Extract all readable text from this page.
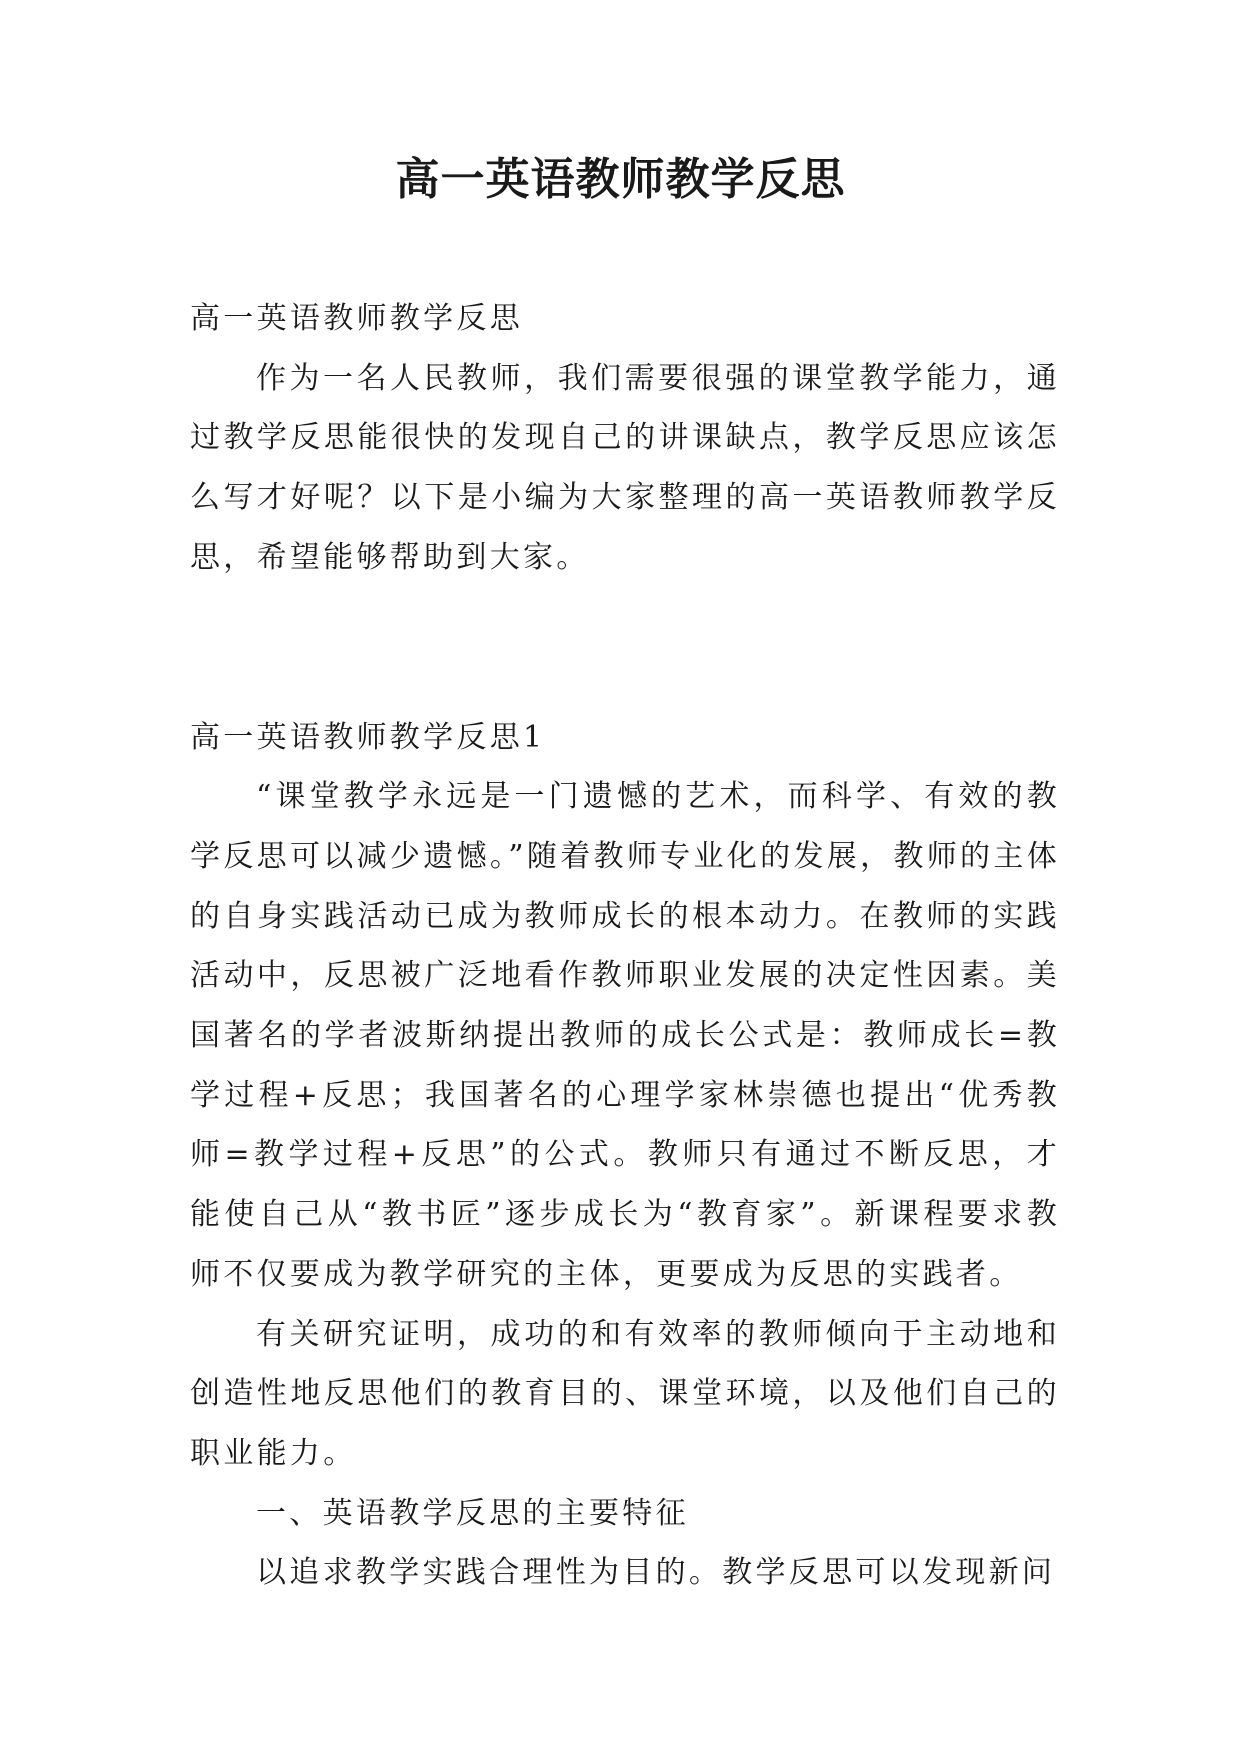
高一英语教师教学反思

高一英语教师教学反思

作为一名人民教师，我们需要很强的课堂教学能力，通过教学反思能很快的发现自己的讲课缺点，教学反思应该怎么写才好呢？以下是小编为大家整理的高一英语教师教学反思，希望能够帮助到大家。

高一英语教师教学反思1

“课堂教学永远是一门遗憾的艺术，而科学、有效的教学反思可以减少遗憾。”随着教师专业化的发展，教师的主体的自身实践活动已成为教师成长的根本动力。在教师的实践活动中，反思被广泛地看作教师职业发展的决定性因素。美国著名的学者波斯纳提出教师的成长公式是：教师成长=教学过程+反思；我国著名的心理学家林崇德也提出“优秀教师=教学过程+反思”的公式。教师只有通过不断反思，才能使自己从“教书匠”逐步成长为“教育家”。新课程要求教师不仅要成为教学研究的主体，更要成为反思的实践者。

有关研究证明，成功的和有效率的教师倾向于主动地和创造性地反思他们的教育目的、课堂环境，以及他们自己的职业能力。

一、英语教学反思的主要特征

以追求教学实践合理性为目的。教学反思可以发现新问
